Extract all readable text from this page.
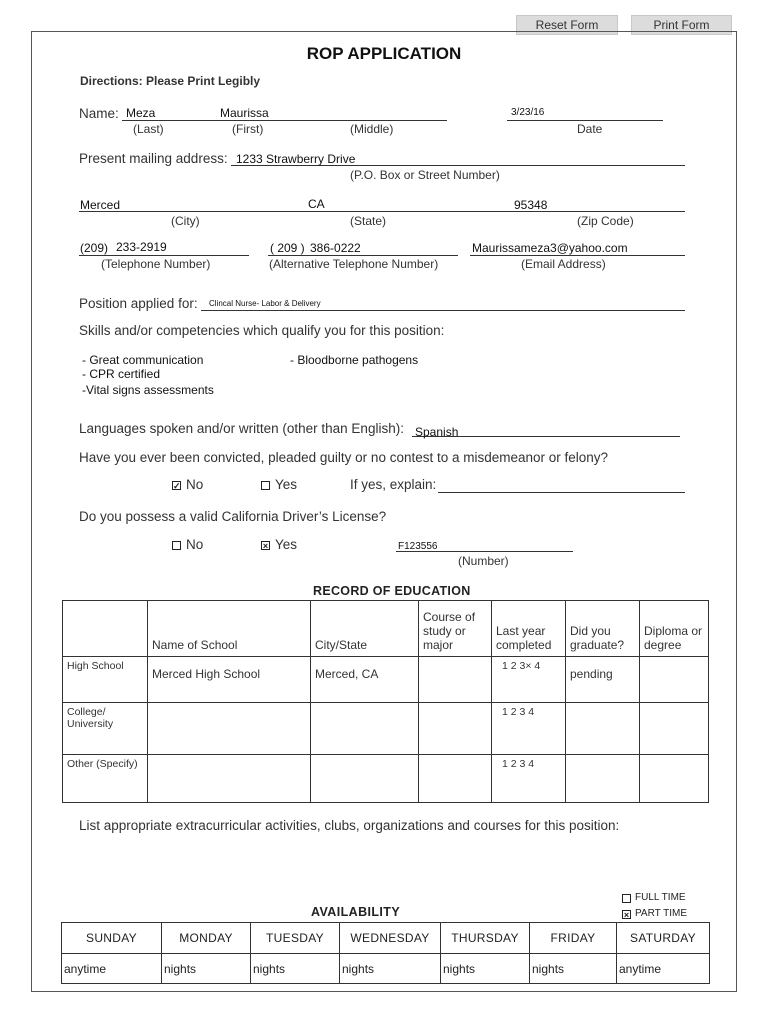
Reset Form	Print Form
ROP APPLICATION
Directions: Please Print Legibly
Name: Meza	Maurissa	3/23/16
(Last)	(First)	(Middle)	Date
Present mailing address: 1233 Strawberry Drive
(P.O. Box or Street Number)
Merced	CA	95348
(City)	(State)	(Zip Code)
(209) 233-2919	( 209 ) 386-0222	Maurissameza3@yahoo.com
(Telephone Number)	(Alternative Telephone Number)	(Email Address)
Position applied for: Clincal Nurse- Labor & Delivery
Skills and/or competencies which qualify you for this position:
- Great communication
- CPR certified
-Vital signs assessments
- Bloodborne pathogens
Languages spoken and/or written (other than English): Spanish
Have you ever been convicted, pleaded guilty or no contest to a misdemeanor or felony?
✓ No	Yes	If yes, explain:
Do you possess a valid California Driver’s License?
No	× Yes	F123556
(Number)
RECORD OF EDUCATION
	Name of School	City/State	Course of study or major	Last year completed	Did you graduate?	Diploma or degree
High School	Merced High School	Merced, CA		1 2 3× 4	pending	
College/ University				1 2 3 4		
Other (Specify)				1 2 3 4		
List appropriate extracurricular activities, clubs, organizations and courses for this position:
FULL TIME
× PART TIME
AVAILABILITY
SUNDAY	MONDAY	TUESDAY	WEDNESDAY	THURSDAY	FRIDAY	SATURDAY
anytime	nights	nights	nights	nights	nights	anytime
